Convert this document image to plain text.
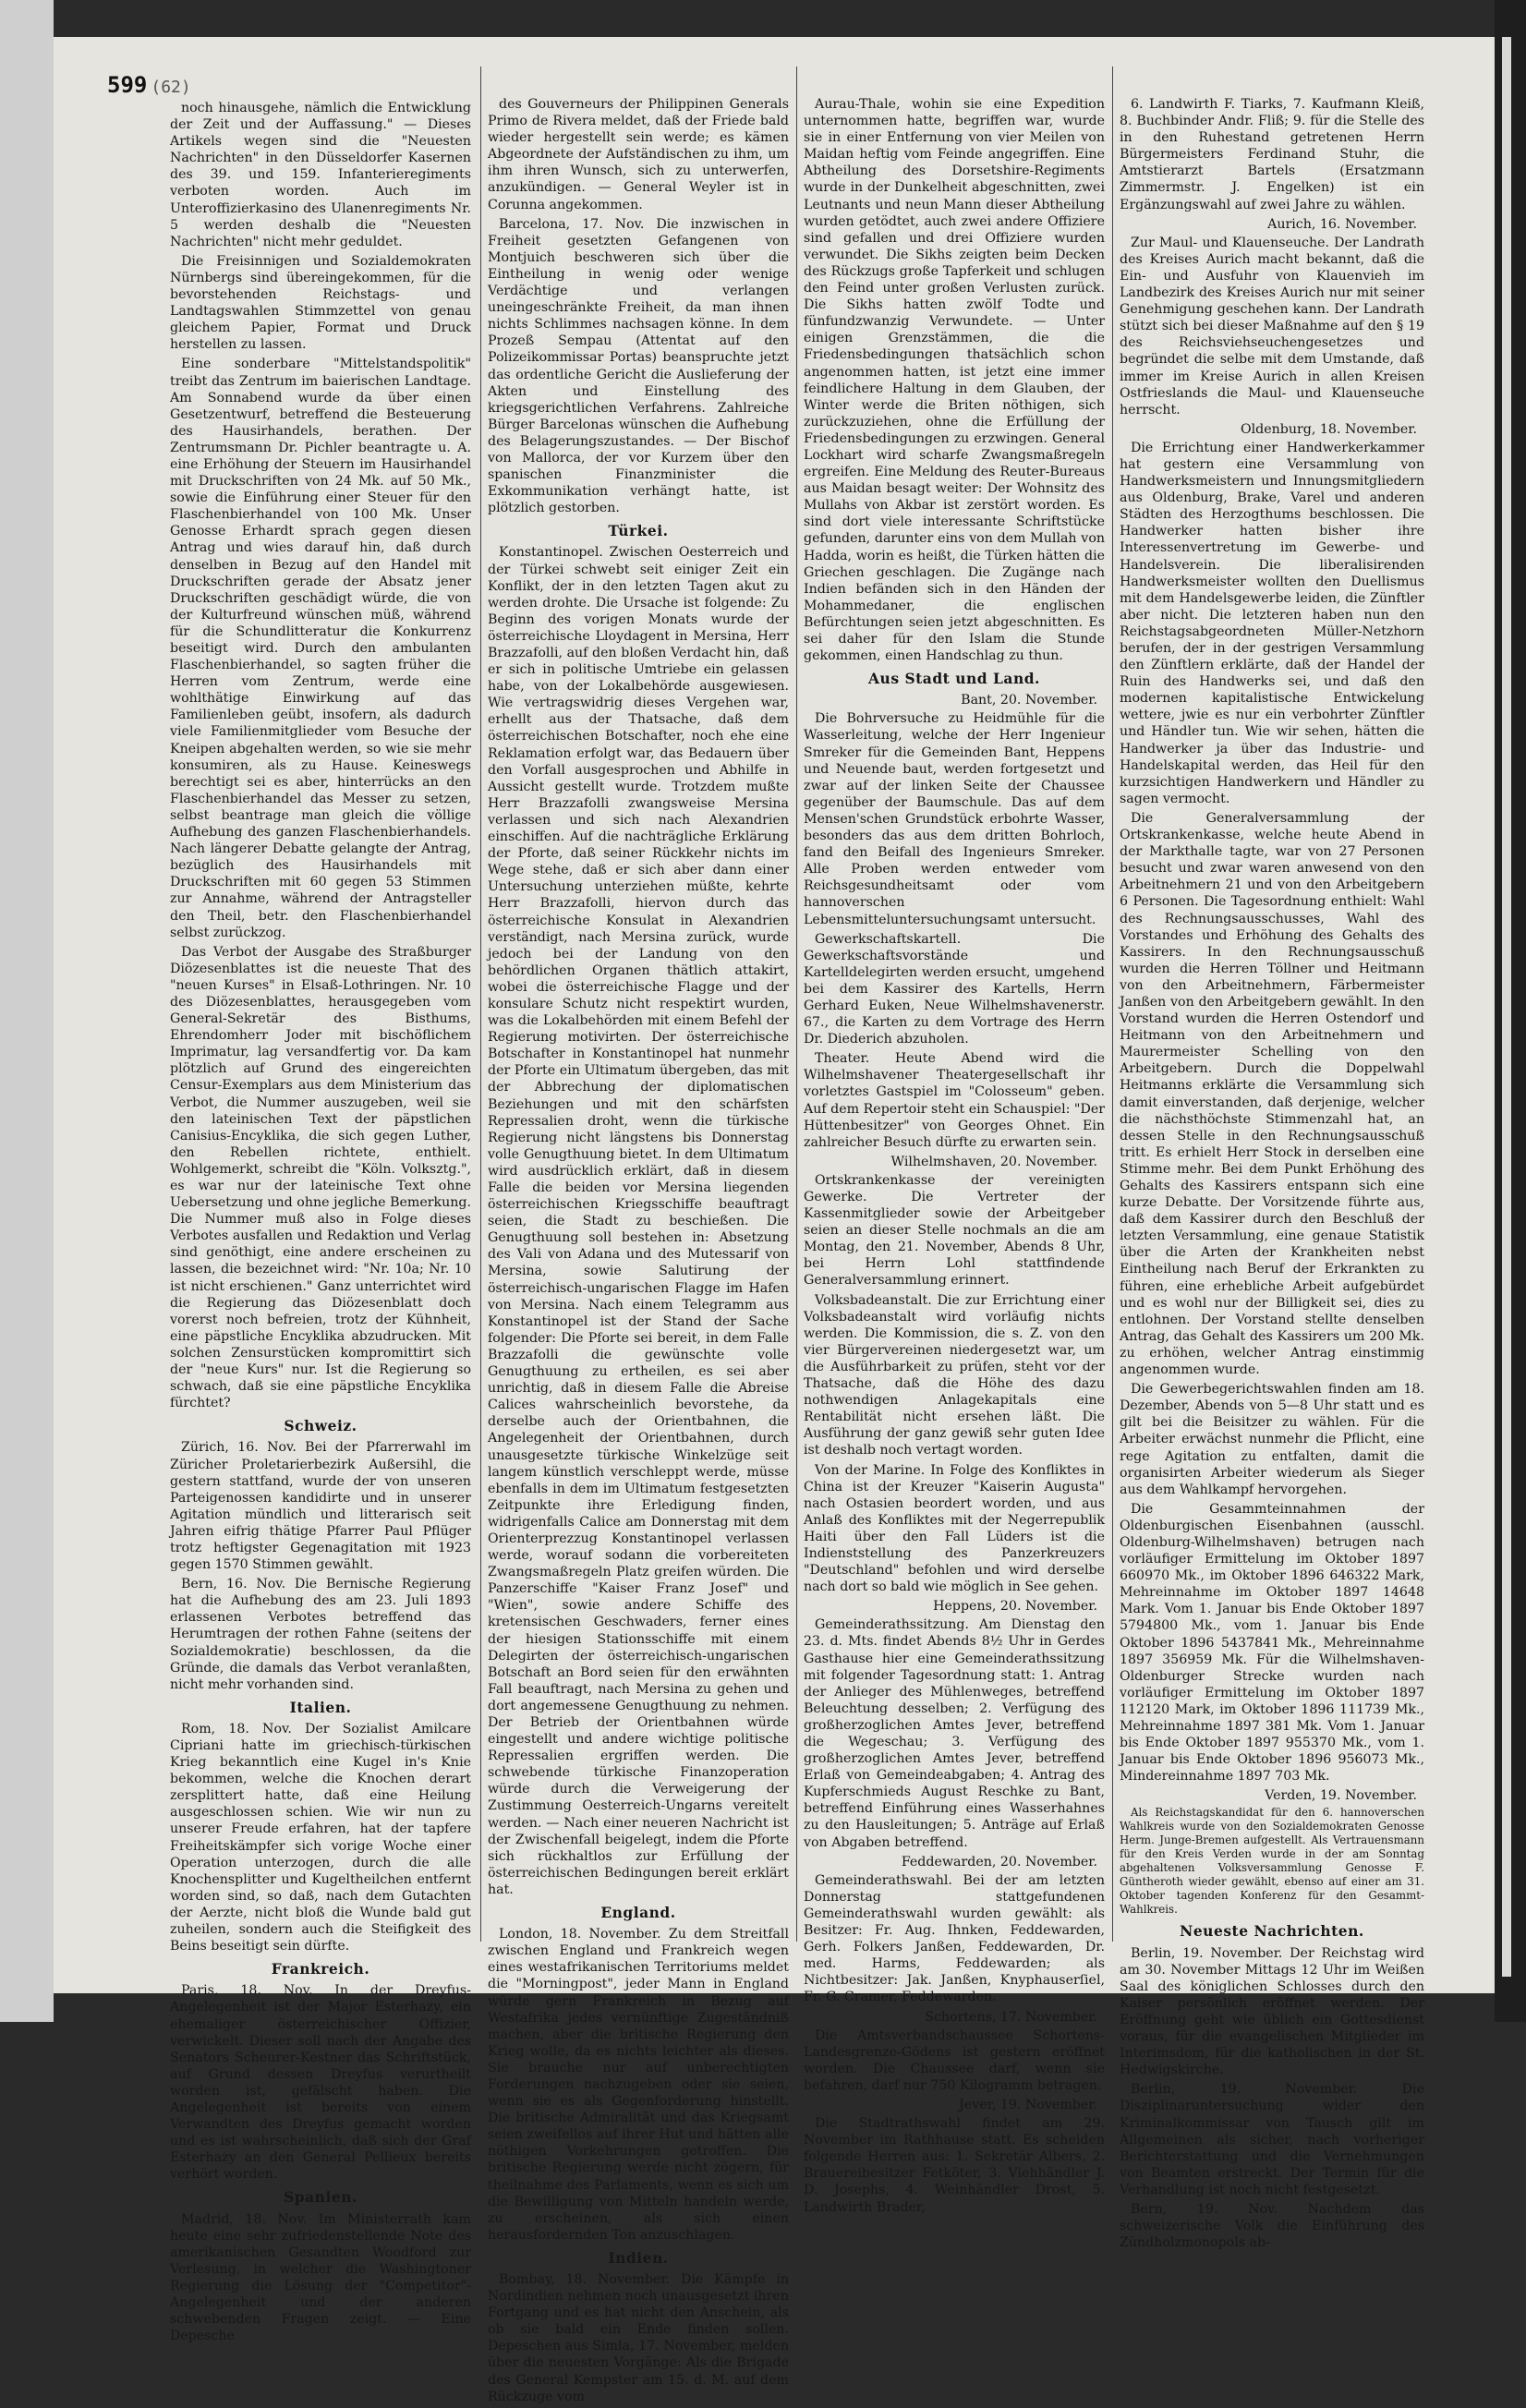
599 (62)

noch hinausgehe, nämlich die Entwicklung der Zeit und der Auffassung." — Dieses Artikels wegen sind die "Neuesten Nachrichten" in den Düsseldorfer Kasernen des 39. und 159. Infanterieregiments verboten worden. Auch im Unteroffizierkasino des Ulanenregiments Nr. 5 werden deshalb die "Neuesten Nachrichten" nicht mehr geduldet.

Die Freisinnigen und Sozialdemokraten Nürnbergs sind übereingekommen, für die bevorstehenden Reichstags- und Landtagswahlen Stimmzettel von genau gleichem Papier, Format und Druck herstellen zu lassen.

Eine sonderbare "Mittelstandspolitik" treibt das Zentrum im baierischen Landtage. Am Sonnabend wurde da über einen Gesetzentwurf, betreffend die Besteuerung des Hausirhandels, berathen. Der Zentrumsmann Dr. Pichler beantragte u. A. eine Erhöhung der Steuern im Hausirhandel mit Druckschriften von 24 Mk. auf 50 Mk., sowie die Einführung einer Steuer für den Flaschenbierhandel von 100 Mk. Unser Genosse Erhardt sprach gegen diesen Antrag und wies darauf hin, daß durch denselben in Bezug auf den Handel mit Druckschriften gerade der Absatz jener Druckschriften geschädigt würde, die von der Kulturfreund wünschen müß, während für die Schundlitteratur die Konkurrenz beseitigt wird. Durch den ambulanten Flaschenbierhandel, so sagten früher die Herren vom Zentrum, werde eine wohlthätige Einwirkung auf das Familienleben geübt, insofern, als dadurch viele Familienmitglieder vom Besuche der Kneipen abgehalten werden, so wie sie mehr konsumiren, als zu Hause. Keineswegs berechtigt sei es aber, hinterrücks an den Flaschenbierhandel das Messer zu setzen, selbst beantrage man gleich die völlige Aufhebung des ganzen Flaschenbierhandels. Nach längerer Debatte gelangte der Antrag, bezüglich des Hausirhandels mit Druckschriften mit 60 gegen 53 Stimmen zur Annahme, während der Antragsteller den Theil, betr. den Flaschenbierhandel selbst zurückzog.

Das Verbot der Ausgabe des Straßburger Diözesenblattes ist die neueste That des "neuen Kurses" in Elsaß-Lothringen. Nr. 10 des Diözesenblattes, herausgegeben vom General-Sekretär des Bisthums, Ehrendomherr Joder mit bischöflichem Imprimatur, lag versandfertig vor. Da kam plötzlich auf Grund des eingereichten Censur-Exemplars aus dem Ministerium das Verbot, die Nummer auszugeben, weil sie den lateinischen Text der päpstlichen Canisius-Encyklika, die sich gegen Luther, den Rebellen richtete, enthielt. Wohlgemerkt, schreibt die "Köln. Volksztg.", es war nur der lateinische Text ohne Uebersetzung und ohne jegliche Bemerkung. Die Nummer muß also in Folge dieses Verbotes ausfallen und Redaktion und Verlag sind genöthigt, eine andere erscheinen zu lassen, die bezeichnet wird: "Nr. 10a; Nr. 10 ist nicht erschienen." Ganz unterrichtet wird die Regierung das Diözesenblatt doch vorerst noch befreien, trotz der Kühnheit, eine päpstliche Encyklika abzudrucken. Mit solchen Zensurstücken kompromittirt sich der "neue Kurs" nur. Ist die Regierung so schwach, daß sie eine päpstliche Encyklika fürchtet?

Schweiz.

Zürich, 16. Nov. Bei der Pfarrerwahl im Züricher Proletarierbezirk Außersihl, die gestern stattfand, wurde der von unseren Parteigenossen kandidirte und in unserer Agitation mündlich und litterarisch seit Jahren eifrig thätige Pfarrer Paul Pflüger trotz heftigster Gegenagitation mit 1923 gegen 1570 Stimmen gewählt.

Bern, 16. Nov. Die Bernische Regierung hat die Aufhebung des am 23. Juli 1893 erlassenen Verbotes betreffend das Herumtragen der rothen Fahne (seitens der Sozialdemokratie) beschlossen, da die Gründe, die damals das Verbot veranlaßten, nicht mehr vorhanden sind.

Italien.

Rom, 18. Nov. Der Sozialist Amilcare Cipriani hatte im griechisch-türkischen Krieg bekanntlich eine Kugel in's Knie bekommen, welche die Knochen derart zersplittert hatte, daß eine Heilung ausgeschlossen schien. Wie wir nun zu unserer Freude erfahren, hat der tapfere Freiheitskämpfer sich vorige Woche einer Operation unterzogen, durch die alle Knochensplitter und Kugeltheilchen entfernt worden sind, so daß, nach dem Gutachten der Aerzte, nicht bloß die Wunde bald gut zuheilen, sondern auch die Steifigkeit des Beins beseitigt sein dürfte.

Frankreich.

Paris, 18. Nov. In der Dreyfus-Angelegenheit ist der Major Esterhazy, ein ehemaliger österreichischer Offizier, verwickelt. Dieser soll nach der Angabe des Senators Scheurer-Kestner das Schriftstück, auf Grund dessen Dreyfus verurtheilt worden ist, gefälscht haben. Die Angelegenheit ist bereits von einem Verwandten des Dreyfus gemacht worden und es ist wahrscheinlich, daß sich der Graf Esterhazy an den General Pellieux bereits verhört worden.

Spanien.

Madrid, 18. Nov. Im Ministerrath kam heute eine sehr zufriedenstellende Note des amerikanischen Gesandten Woodford zur Verlesung, in welcher die Washingtoner Regierung die Lösung der "Competitor"-Angelegenheit und der anderen schwebenden Fragen zeigt. — Eine Depesche

des Gouverneurs der Philippinen Generals Primo de Rivera meldet, daß der Friede bald wieder hergestellt sein werde; es kämen Abgeordnete der Aufständischen zu ihm, um ihm ihren Wunsch, sich zu unterwerfen, anzukündigen. — General Weyler ist in Corunna angekommen.

Barcelona, 17. Nov. Die inzwischen in Freiheit gesetzten Gefangenen von Montjuich beschweren sich über die Eintheilung in wenig oder wenige Verdächtige und verlangen uneingeschränkte Freiheit, da man ihnen nichts Schlimmes nachsagen könne. In dem Prozeß Sempau (Attentat auf den Polizeikommissar Portas) beanspruchte jetzt das ordentliche Gericht die Auslieferung der Akten und Einstellung des kriegsgerichtlichen Verfahrens. Zahlreiche Bürger Barcelonas wünschen die Aufhebung des Belagerungszustandes. — Der Bischof von Mallorca, der vor Kurzem über den spanischen Finanzminister die Exkommunikation verhängt hatte, ist plötzlich gestorben.

Türkei.

Konstantinopel. Zwischen Oesterreich und der Türkei schwebt seit einiger Zeit ein Konflikt, der in den letzten Tagen akut zu werden drohte. Die Ursache ist folgende: Zu Beginn des vorigen Monats wurde der österreichische Lloydagent in Mersina, Herr Brazzafolli, auf den bloßen Verdacht hin, daß er sich in politische Umtriebe ein gelassen habe, von der Lokalbehörde ausgewiesen. Wie vertragswidrig dieses Vergehen war, erhellt aus der Thatsache, daß dem österreichischen Botschafter, noch ehe eine Reklamation erfolgt war, das Bedauern über den Vorfall ausgesprochen und Abhilfe in Aussicht gestellt wurde. Trotzdem mußte Herr Brazzafolli zwangsweise Mersina verlassen und sich nach Alexandrien einschiffen. Auf die nachträgliche Erklärung der Pforte, daß seiner Rückkehr nichts im Wege stehe, daß er sich aber dann einer Untersuchung unterziehen müßte, kehrte Herr Brazzafolli, hiervon durch das österreichische Konsulat in Alexandrien verständigt, nach Mersina zurück, wurde jedoch bei der Landung von den behördlichen Organen thätlich attakirt, wobei die österreichische Flagge und der konsulare Schutz nicht respektirt wurden, was die Lokalbehörden mit einem Befehl der Regierung motivirten. Der österreichische Botschafter in Konstantinopel hat nunmehr der Pforte ein Ultimatum übergeben, das mit der Abbrechung der diplomatischen Beziehungen und mit den schärfsten Repressalien droht, wenn die türkische Regierung nicht längstens bis Donnerstag volle Genugthuung bietet. In dem Ultimatum wird ausdrücklich erklärt, daß in diesem Falle die beiden vor Mersina liegenden österreichischen Kriegsschiffe beauftragt seien, die Stadt zu beschießen. Die Genugthuung soll bestehen in: Absetzung des Vali von Adana und des Mutessarif von Mersina, sowie Salutirung der österreichisch-ungarischen Flagge im Hafen von Mersina. Nach einem Telegramm aus Konstantinopel ist der Stand der Sache folgender: Die Pforte sei bereit, in dem Falle Brazzafolli die gewünschte volle Genugthuung zu ertheilen, es sei aber unrichtig, daß in diesem Falle die Abreise Calices wahrscheinlich bevorstehe, da derselbe auch der Orientbahnen, die Angelegenheit der Orientbahnen, durch unausgesetzte türkische Winkelzüge seit langem künstlich verschleppt werde, müsse ebenfalls in dem im Ultimatum festgesetzten Zeitpunkte ihre Erledigung finden, widrigenfalls Calice am Donnerstag mit dem Orienterprezzug Konstantinopel verlassen werde, worauf sodann die vorbereiteten Zwangsmaßregeln Platz greifen würden. Die Panzerschiffe "Kaiser Franz Josef" und "Wien", sowie andere Schiffe des kretensischen Geschwaders, ferner eines der hiesigen Stationsschiffe mit einem Delegirten der österreichisch-ungarischen Botschaft an Bord seien für den erwähnten Fall beauftragt, nach Mersina zu gehen und dort angemessene Genugthuung zu nehmen. Der Betrieb der Orientbahnen würde eingestellt und andere wichtige politische Repressalien ergriffen werden. Die schwebende türkische Finanzoperation würde durch die Verweigerung der Zustimmung Oesterreich-Ungarns vereitelt werden. — Nach einer neueren Nachricht ist der Zwischenfall beigelegt, indem die Pforte sich rückhaltlos zur Erfüllung der österreichischen Bedingungen bereit erklärt hat.

England.

London, 18. November. Zu dem Streitfall zwischen England und Frankreich wegen eines westafrikanischen Territoriums meldet die "Morningpost", jeder Mann in England würde gern Frankreich in Bezug auf Westafrika jedes vernünftige Zugeständniß machen, aber die britische Regierung den Krieg wolle, da es nichts leichter als dieses. Sie brauche nur auf unberechtigten Forderungen nachzugeben oder sie seien, wenn sie es als Gegenforderung hinstellt. Die britische Admiralität und das Kriegsamt seien zweifellos auf ihrer Hut und hätten alle nöthigen Vorkehrungen getroffen. Die britische Regierung werde nicht zögern, für theilnahme des Parlaments, wenn es sich um die Bewilligung von Mitteln handeln werde, zu erscheinen, als sich einen herausfordernden Ton anzuschlagen.

Indien.

Bombay, 18. November. Die Kämpfe in Nordindien nehmen noch unausgesetzt ihren Fortgang und es hat nicht den Anschein, als ob sie bald ein Ende finden sollen. Depeschen aus Simla, 17. November, melden über die neuesten Vorgänge: Als die Brigade des General Kempster am 15. d. M. auf dem Rückzuge vom

Aurau-Thale, wohin sie eine Expedition unternommen hatte, begriffen war, wurde sie in einer Entfernung von vier Meilen von Maidan heftig vom Feinde angegriffen. Eine Abtheilung des Dorsetshire-Regiments wurde in der Dunkelheit abgeschnitten, zwei Leutnants und neun Mann dieser Abtheilung wurden getödtet, auch zwei andere Offiziere sind gefallen und drei Offiziere wurden verwundet. Die Sikhs zeigten beim Decken des Rückzugs große Tapferkeit und schlugen den Feind unter großen Verlusten zurück. Die Sikhs hatten zwölf Todte und fünfundzwanzig Verwundete. — Unter einigen Grenzstämmen, die die Friedensbedingungen thatsächlich schon angenommen hatten, ist jetzt eine immer feindlichere Haltung in dem Glauben, der Winter werde die Briten nöthigen, sich zurückzuziehen, ohne die Erfüllung der Friedensbedingungen zu erzwingen. General Lockhart wird scharfe Zwangsmaßregeln ergreifen. Eine Meldung des Reuter-Bureaus aus Maidan besagt weiter: Der Wohnsitz des Mullahs von Akbar ist zerstört worden. Es sind dort viele interessante Schriftstücke gefunden, darunter eins von dem Mullah von Hadda, worin es heißt, die Türken hätten die Griechen geschlagen. Die Zugänge nach Indien befänden sich in den Händen der Mohammedaner, die englischen Befürchtungen seien jetzt abgeschnitten. Es sei daher für den Islam die Stunde gekommen, einen Handschlag zu thun.

Aus Stadt und Land.
Bant, 20. November.

Die Bohrversuche zu Heidmühle für die Wasserleitung, welche der Herr Ingenieur Smreker für die Gemeinden Bant, Heppens und Neuende baut, werden fortgesetzt und zwar auf der linken Seite der Chaussee gegenüber der Baumschule. Das auf dem Mensen'schen Grundstück erbohrte Wasser, besonders das aus dem dritten Bohrloch, fand den Beifall des Ingenieurs Smreker. Alle Proben werden entweder vom Reichsgesundheitsamt oder vom hannoverschen Lebensmitteluntersuchungsamt untersucht.

Gewerkschaftskartell. Die Gewerkschaftsvorstände und Kartelldelegirten werden ersucht, umgehend bei dem Kassirer des Kartells, Herrn Gerhard Euken, Neue Wilhelmshavenerstr. 67., die Karten zu dem Vortrage des Herrn Dr. Diederich abzuholen.

Theater. Heute Abend wird die Wilhelmshavener Theatergesellschaft ihr vorletztes Gastspiel im "Colosseum" geben. Auf dem Repertoir steht ein Schauspiel: "Der Hüttenbesitzer" von Georges Ohnet. Ein zahlreicher Besuch dürfte zu erwarten sein.

Wilhelmshaven, 20. November.

Ortskrankenkasse der vereinigten Gewerke. Die Vertreter der Kassenmitglieder sowie der Arbeitgeber seien an dieser Stelle nochmals an die am Montag, den 21. November, Abends 8 Uhr, bei Herrn Lohl stattfindende Generalversammlung erinnert.

Volksbadeanstalt. Die zur Errichtung einer Volksbadeanstalt wird vorläufig nichts werden. Die Kommission, die s. Z. von den vier Bürgervereinen niedergesetzt war, um die Ausführbarkeit zu prüfen, steht vor der Thatsache, daß die Höhe des dazu nothwendigen Anlagekapitals eine Rentabilität nicht ersehen läßt. Die Ausführung der ganz gewiß sehr guten Idee ist deshalb noch vertagt worden.

Von der Marine. In Folge des Konfliktes in China ist der Kreuzer "Kaiserin Augusta" nach Ostasien beordert worden, und aus Anlaß des Konfliktes mit der Negerrepublik Haiti über den Fall Lüders ist die Indienststellung des Panzerkreuzers "Deutschland" befohlen und wird derselbe nach dort so bald wie möglich in See gehen.

Heppens, 20. November.

Gemeinderathssitzung. Am Dienstag den 23. d. Mts. findet Abends 8½ Uhr in Gerdes Gasthause hier eine Gemeinderathssitzung mit folgender Tagesordnung statt: 1. Antrag der Anlieger des Mühlenweges, betreffend Beleuchtung desselben; 2. Verfügung des großherzoglichen Amtes Jever, betreffend die Wegeschau; 3. Verfügung des großherzoglichen Amtes Jever, betreffend Erlaß von Gemeindeabgaben; 4. Antrag des Kupferschmieds August Reschke zu Bant, betreffend Einführung eines Wasserhahnes zu den Hausleitungen; 5. Anträge auf Erlaß von Abgaben betreffend.

Feddewarden, 20. November.

Gemeinderathswahl. Bei der am letzten Donnerstag stattgefundenen Gemeinderathswahl wurden gewählt: als Besitzer: Fr. Aug. Ihnken, Feddewarden, Gerh. Folkers Janßen, Feddewarden, Dr. med. Harms, Feddewarden; als Nichtbesitzer: Jak. Janßen, Knyphauserſiel, Fr. G. Cramer, Feddewarden.

Schortens, 17. November.

Die Amtsverbandschaussee Schortens-Landesgrenze-Gödens ist gestern eröffnet worden. Die Chaussee darf, wenn sie befahren, darf nur 750 Kilogramm betragen.

Jever, 19. November.

Die Stadtrathswahl findet am 29. November im Rathhause statt. Es scheiden folgende Herren aus: 1. Sekretär Albers, 2. Brauereibesitzer Fetköter, 3. Viehhändler J. D. Josephs, 4. Weinhändler Drost, 5. Landwirth Brader,

6. Landwirth F. Tiarks, 7. Kaufmann Kleiß, 8. Buchbinder Andr. Fliß; 9. für die Stelle des in den Ruhestand getretenen Herrn Bürgermeisters Ferdinand Stuhr, die Amtstierarzt Bartels (Ersatzmann Zimmermstr. J. Engelken) ist ein Ergänzungswahl auf zwei Jahre zu wählen.

Aurich, 16. November.

Zur Maul- und Klauenseuche. Der Landrath des Kreises Aurich macht bekannt, daß die Ein- und Ausfuhr von Klauenvieh im Landbezirk des Kreises Aurich nur mit seiner Genehmigung geschehen kann. Der Landrath stützt sich bei dieser Maßnahme auf den § 19 des Reichsviehseuchengesetzes und begründet die selbe mit dem Umstande, daß immer im Kreise Aurich in allen Kreisen Ostfrieslands die Maul- und Klauenseuche herrscht.

Oldenburg, 18. November.

Die Errichtung einer Handwerkerkammer hat gestern eine Versammlung von Handwerksmeistern und Innungsmitgliedern aus Oldenburg, Brake, Varel und anderen Städten des Herzogthums beschlossen. Die Handwerker hatten bisher ihre Interessenvertretung im Gewerbe- und Handelsverein. Die liberalisirenden Handwerksmeister wollten den Duellismus mit dem Handelsgewerbe leiden, die Zünftler aber nicht. Die letzteren haben nun den Reichstagsabgeordneten Müller-Netzhorn berufen, der in der gestrigen Versammlung den Zünftlern erklärte, daß der Handel der Ruin des Handwerks sei, und daß den modernen kapitalistische Entwickelung wettere, jwie es nur ein verbohrter Zünftler und Händler tun. Wie wir sehen, hätten die Handwerker ja über das Industrie- und Handelskapital werden, das Heil für den kurzsichtigen Handwerkern und Händler zu sagen vermocht.

Die Generalversammlung der Ortskrankenkasse, welche heute Abend in der Markthalle tagte, war von 27 Personen besucht und zwar waren anwesend von den Arbeitnehmern 21 und von den Arbeitgebern 6 Personen. Die Tagesordnung enthielt: Wahl des Rechnungsausschusses, Wahl des Vorstandes und Erhöhung des Gehalts des Kassirers. In den Rechnungsausschuß wurden die Herren Töllner und Heitmann von den Arbeitnehmern, Färbermeister Janßen von den Arbeitgebern gewählt. In den Vorstand wurden die Herren Ostendorf und Heitmann von den Arbeitnehmern und Maurermeister Schelling von den Arbeitgebern. Durch die Doppelwahl Heitmanns erklärte die Versammlung sich damit einverstanden, daß derjenige, welcher die nächsthöchste Stimmenzahl hat, an dessen Stelle in den Rechnungsausschuß tritt. Es erhielt Herr Stock in derselben eine Stimme mehr. Bei dem Punkt Erhöhung des Gehalts des Kassirers entspann sich eine kurze Debatte. Der Vorsitzende führte aus, daß dem Kassirer durch den Beschluß der letzten Versammlung, eine genaue Statistik über die Arten der Krankheiten nebst Eintheilung nach Beruf der Erkrankten zu führen, eine erhebliche Arbeit aufgebürdet und es wohl nur der Billigkeit sei, dies zu entlohnen. Der Vorstand stellte denselben Antrag, das Gehalt des Kassirers um 200 Mk. zu erhöhen, welcher Antrag einstimmig angenommen wurde.

Die Gewerbegerichtswahlen finden am 18. Dezember, Abends von 5—8 Uhr statt und es gilt bei die Beisitzer zu wählen. Für die Arbeiter erwächst nunmehr die Pflicht, eine rege Agitation zu entfalten, damit die organisirten Arbeiter wiederum als Sieger aus dem Wahlkampf hervorgehen.

Die Gesammteinnahmen der Oldenburgischen Eisenbahnen (ausschl. Oldenburg-Wilhelmshaven) betrugen nach vorläufiger Ermittelung im Oktober 1897 660970 Mk., im Oktober 1896 646322 Mark, Mehreinnahme im Oktober 1897 14648 Mark. Vom 1. Januar bis Ende Oktober 1897 5794800 Mk., vom 1. Januar bis Ende Oktober 1896 5437841 Mk., Mehreinnahme 1897 356959 Mk. Für die Wilhelmshaven-Oldenburger Strecke wurden nach vorläufiger Ermittelung im Oktober 1897 112120 Mark, im Oktober 1896 111739 Mk., Mehreinnahme 1897 381 Mk. Vom 1. Januar bis Ende Oktober 1897 955370 Mk., vom 1. Januar bis Ende Oktober 1896 956073 Mk., Mindereinnahme 1897 703 Mk.

Verden, 19. November.

Als Reichstagskandidat für den 6. hannoverschen Wahlkreis wurde von den Sozialdemokraten Genosse Herm. Junge-Bremen aufgestellt. Als Vertrauensmann für den Kreis Verden wurde in der am Sonntag abgehaltenen Volksversammlung Genosse F. Güntheroth wieder gewählt, ebenso auf einer am 31. Oktober tagenden Konferenz für den Gesammt-Wahlkreis.

Neueste Nachrichten.

Berlin, 19. November. Der Reichstag wird am 30. November Mittags 12 Uhr im Weißen Saal des königlichen Schlosses durch den Kaiser persönlich eröffnet werden. Der Eröffnung geht wie üblich ein Gottesdienst voraus, für die evangelischen Mitglieder im Interimsdom, für die katholischen in der St. Hedwigskirche.

Berlin, 19. November. Die Disziplinaruntersuchung wider den Kriminalkommissar von Tausch gilt im Allgemeinen als sicher, nach vorheriger Berichterstattung und die Vernehmungen von Beamten erstreckt. Der Termin für die Verhandlung ist noch nicht festgesetzt.

Bern, 19. Nov. Nachdem das schweizerische Volk die Einführung des Zündholzmonopols ab-
